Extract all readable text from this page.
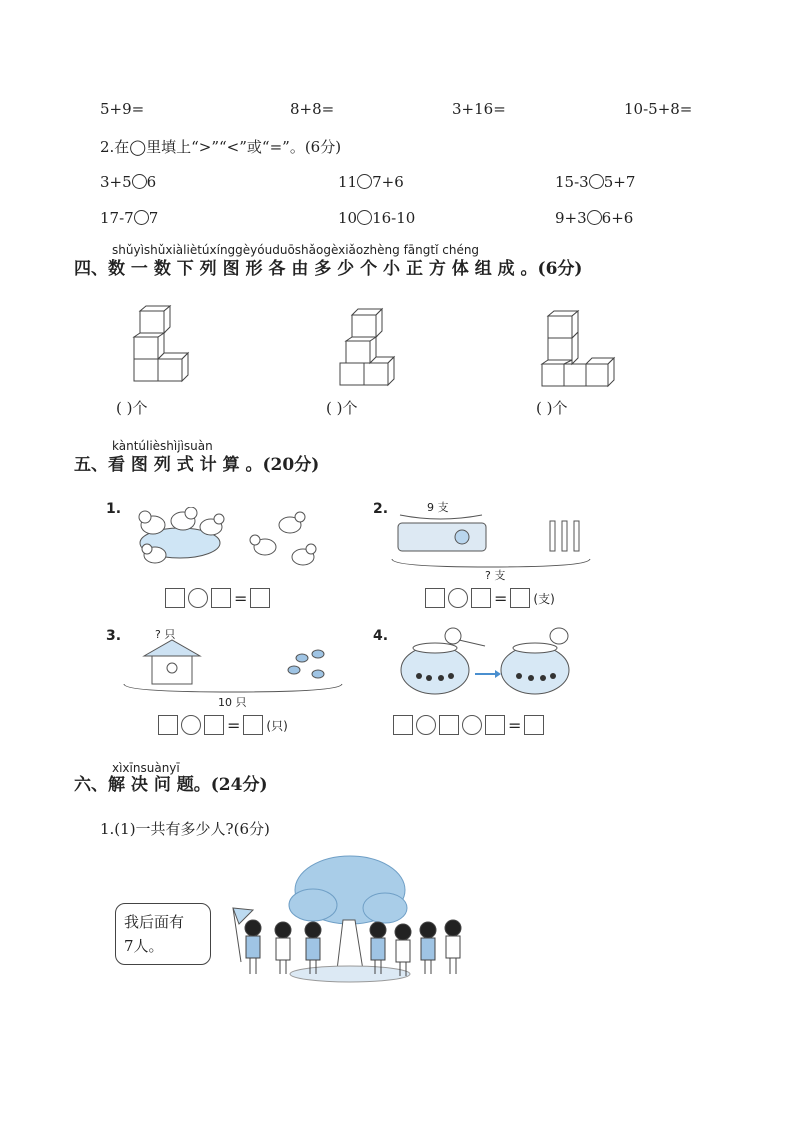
5+9=	8+8=	3+16=	10-5+8=
2.在◯里填上“>”“<”或“=”。(6分)
3+5 6	11 7+6	15-3 5+7
17-7 7	10 16-10	9+3 6+6
shǔyìshǔxiàliètúxínggèyóuduōshǎogèxiǎozhèng fāngtǐ chéng
四、数 一 数 下 列 图 形 各 由 多 少 个 小 正 方 体 组 成 。(6分)
( )个	( )个	( )个
kàntúlièshìjìsuàn
五、看 图 列 式 计 算 。(20分)
1.
=
2.	9 支
? 支
= (支)
3.	? 只
10 只
= (只)
4.
=
xìxīnsuànyī
六、解 决 问 题。(24分)
1.(1)一共有多少人?(6分)
我后面有
7人。
